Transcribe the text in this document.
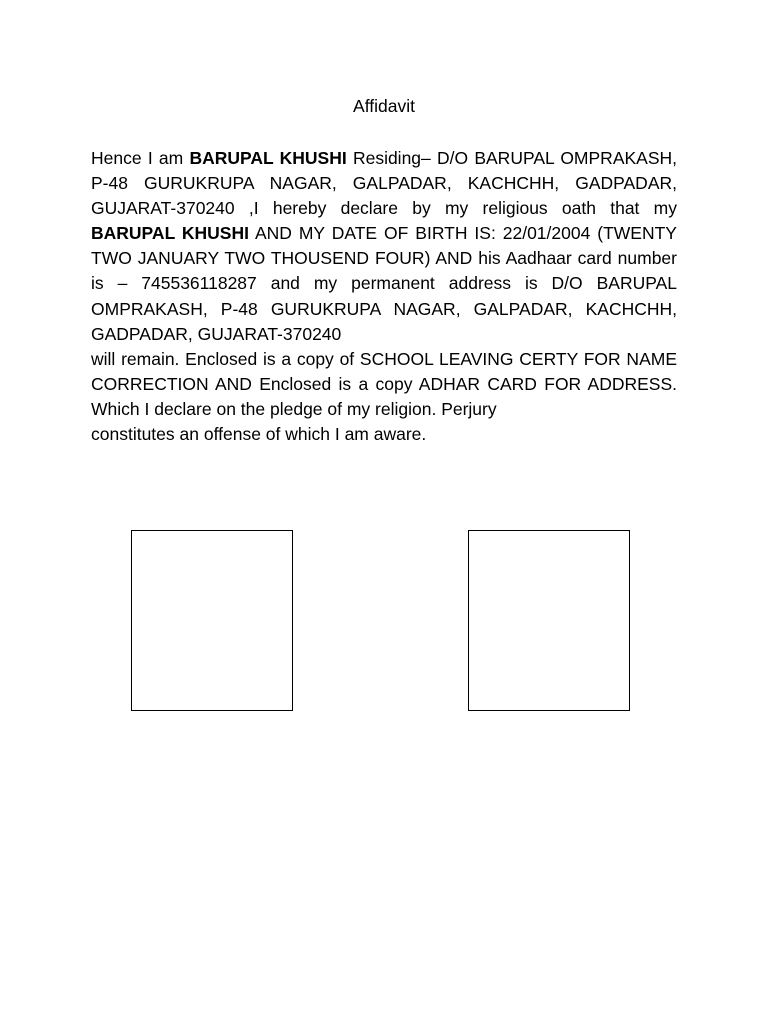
Affidavit

Hence I am BARUPAL KHUSHI Residing– D/O BARUPAL OMPRAKASH, P-48 GURUKRUPA NAGAR, GALPADAR, KACHCHH, GADPADAR, GUJARAT-370240 ,I hereby declare by my religious oath that my BARUPAL KHUSHI AND MY DATE OF BIRTH IS: 22/01/2004 (TWENTY TWO JANUARY TWO THOUSEND FOUR) AND his Aadhaar card number is – 745536118287 and my permanent address is D/O BARUPAL OMPRAKASH, P-48 GURUKRUPA NAGAR, GALPADAR, KACHCHH, GADPADAR, GUJARAT-370240

will remain. Enclosed is a copy of SCHOOL LEAVING CERTY FOR NAME CORRECTION AND Enclosed is a copy ADHAR CARD FOR ADDRESS. Which I declare on the pledge of my religion. Perjury

constitutes an offense of which I am aware.
